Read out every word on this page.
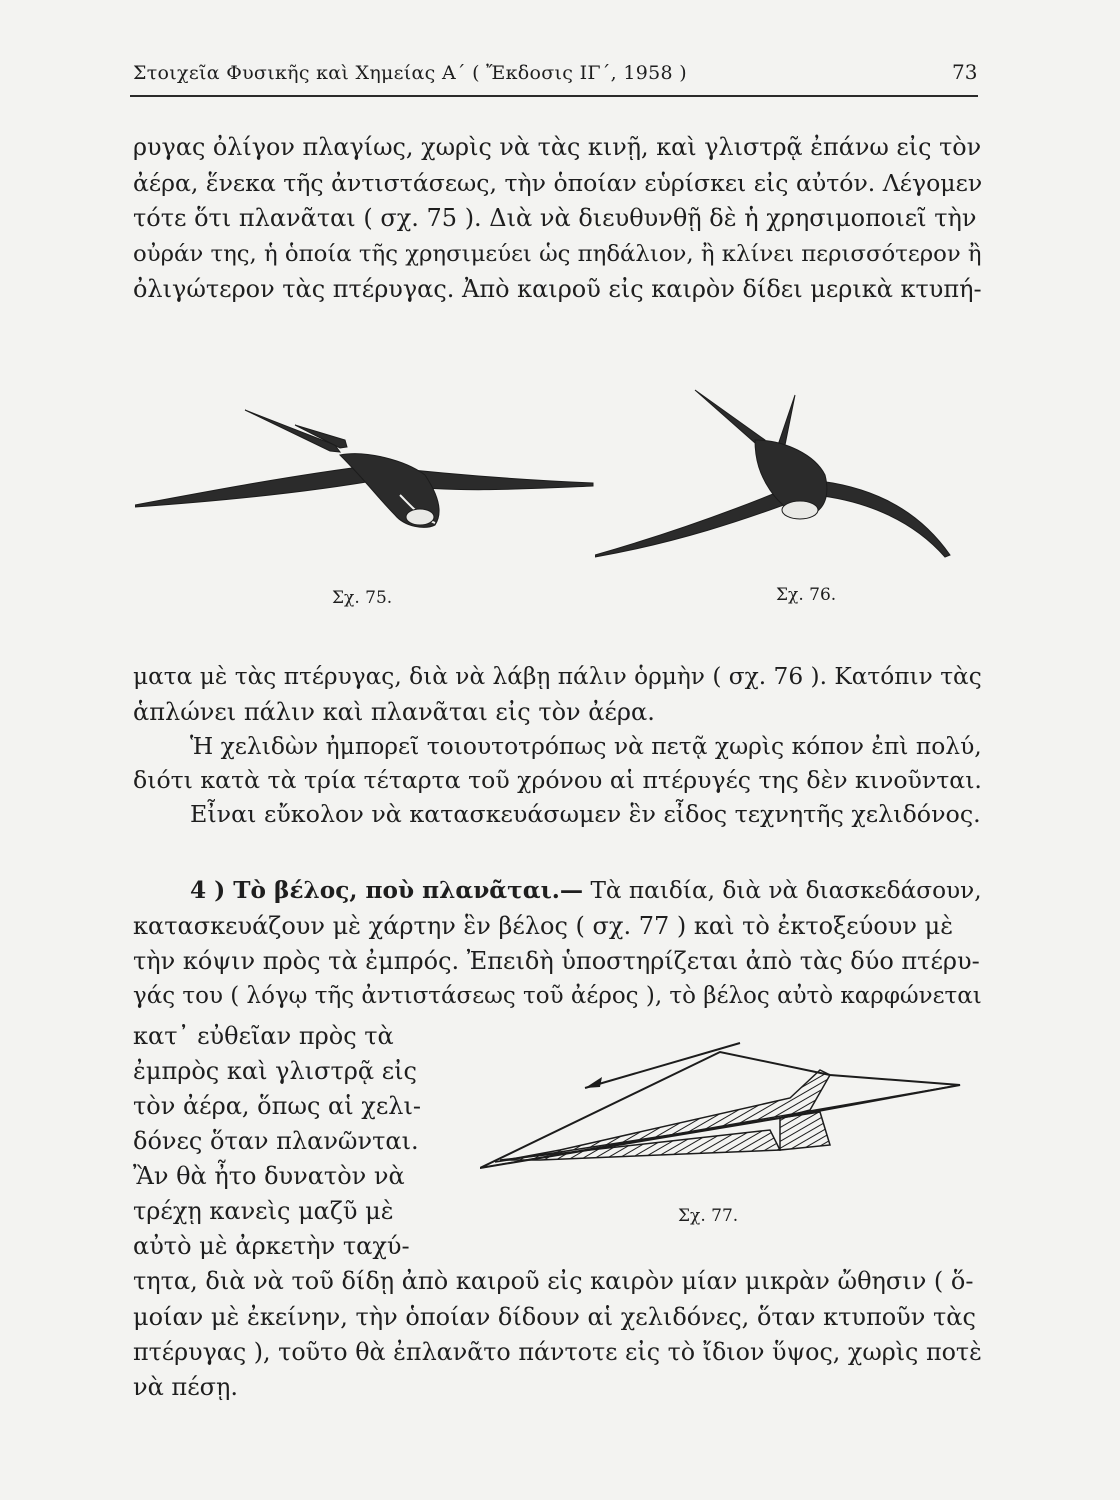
Στοιχεῖα Φυσικῆς καὶ Χημείας Α΄ ( Ἔκδοσις ΙΓ΄, 1958 )	73
ρυγας ὀλίγον πλαγίως, χωρὶς νὰ τὰς κινῇ, καὶ γλιστρᾷ ἐπάνω εἰς τὸν
ἀέρα, ἕνεκα τῆς ἀντιστάσεως, τὴν ὁποίαν εὑρίσκει εἰς αὐτόν. Λέγομεν
τότε ὅτι πλανᾶται ( σχ. 75 ). Διὰ νὰ διευθυνθῇ δὲ ἡ χρησιμοποιεῖ τὴν
οὐράν της, ἡ ὁποία τῆς χρησιμεύει ὡς πηδάλιον, ἢ κλίνει περισσότερον ἢ
ὀλιγώτερον τὰς πτέρυγας. Ἀπὸ καιροῦ εἰς καιρὸν δίδει μερικὰ κτυπή-
Σχ. 75.	Σχ. 76.
ματα μὲ τὰς πτέρυγας, διὰ νὰ λάβῃ πάλιν ὁρμὴν ( σχ. 76 ). Κατόπιν τὰς
ἁπλώνει πάλιν καὶ πλανᾶται εἰς τὸν ἀέρα.
Ἡ χελιδὼν ἠμπορεῖ τοιουτοτρόπως νὰ πετᾷ χωρὶς κόπον ἐπὶ πολύ,
διότι κατὰ τὰ τρία τέταρτα τοῦ χρόνου αἱ πτέρυγές της δὲν κινοῦνται.
Εἶναι εὔκολον νὰ κατασκευάσωμεν ἓν εἶδος τεχνητῆς χελιδόνος.
4 ) Τὸ βέλος, ποὺ πλανᾶται.— Τὰ παιδία, διὰ νὰ διασκεδάσουν,
κατασκευάζουν μὲ χάρτην ἓν βέλος ( σχ. 77 ) καὶ τὸ ἐκτοξεύουν μὲ
τὴν κόψιν πρὸς τὰ ἐμπρός. Ἐπειδὴ ὑποστηρίζεται ἀπὸ τὰς δύο πτέρυ-
γάς του ( λόγῳ τῆς ἀντιστάσεως τοῦ ἀέρος ), τὸ βέλος αὐτὸ καρφώνεται
κατ᾽ εὐθεῖαν πρὸς τὰ
ἐμπρὸς καὶ γλιστρᾷ εἰς
τὸν ἀέρα, ὅπως αἱ χελι-
δόνες ὅταν πλανῶνται.
Ἂν θὰ ἦτο δυνατὸν νὰ
τρέχῃ κανεὶς μαζῦ μὲ
αὐτὸ μὲ ἀρκετὴν ταχύ-
Σχ. 77.
τητα, διὰ νὰ τοῦ δίδῃ ἀπὸ καιροῦ εἰς καιρὸν μίαν μικρὰν ὤθησιν ( ὅ-
μοίαν μὲ ἐκείνην, τὴν ὁποίαν δίδουν αἱ χελιδόνες, ὅταν κτυποῦν τὰς
πτέρυγας ), τοῦτο θὰ ἐπλανᾶτο πάντοτε εἰς τὸ ἴδιον ὕψος, χωρὶς ποτὲ
νὰ πέσῃ.
